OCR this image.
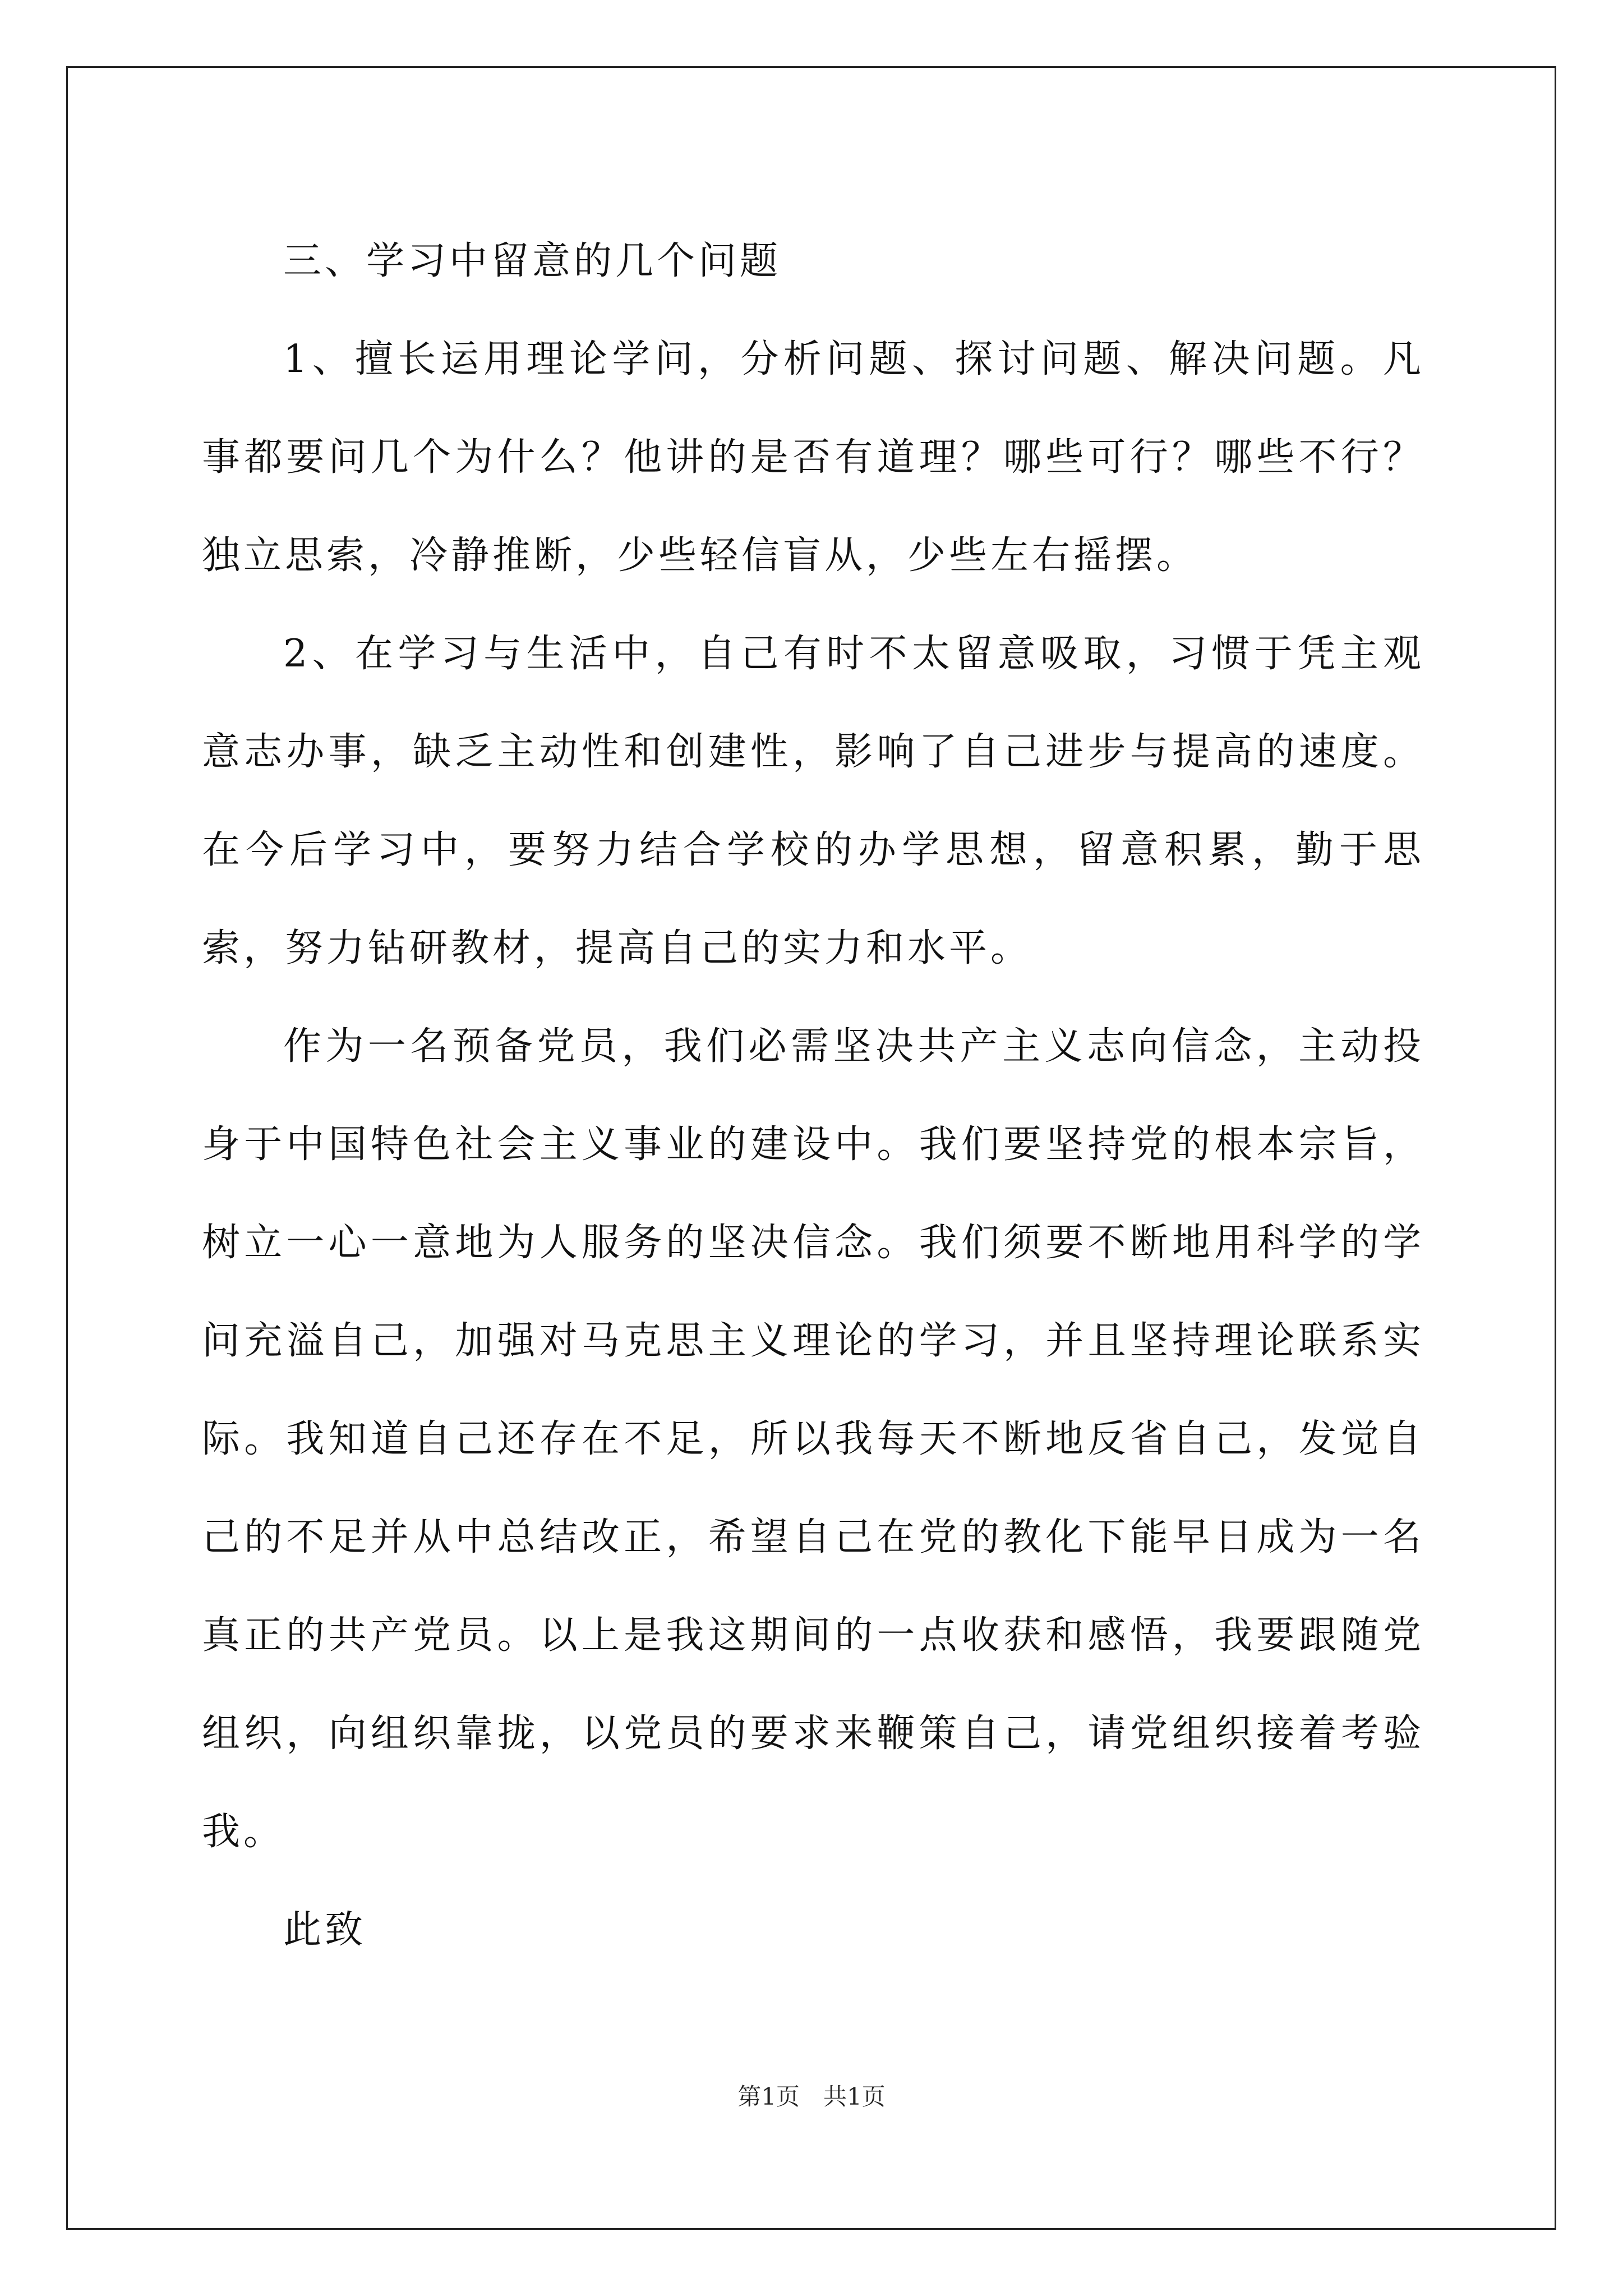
三、学习中留意的几个问题

1、擅长运用理论学问，分析问题、探讨问题、解决问题。凡事都要问几个为什么？他讲的是否有道理？哪些可行？哪些不行？独立思索，冷静推断，少些轻信盲从，少些左右摇摆。

2、在学习与生活中，自己有时不太留意吸取，习惯于凭主观意志办事，缺乏主动性和创建性，影响了自己进步与提高的速度。在今后学习中，要努力结合学校的办学思想，留意积累，勤于思索，努力钻研教材，提高自己的实力和水平。

作为一名预备党员，我们必需坚决共产主义志向信念，主动投身于中国特色社会主义事业的建设中。我们要坚持党的根本宗旨，树立一心一意地为人服务的坚决信念。我们须要不断地用科学的学问充溢自己，加强对马克思主义理论的学习，并且坚持理论联系实际。我知道自己还存在不足，所以我每天不断地反省自己，发觉自己的不足并从中总结改正，希望自己在党的教化下能早日成为一名真正的共产党员。以上是我这期间的一点收获和感悟，我要跟随党组织，向组织靠拢，以党员的要求来鞭策自己，请党组织接着考验我。

此致

第1页　共1页
